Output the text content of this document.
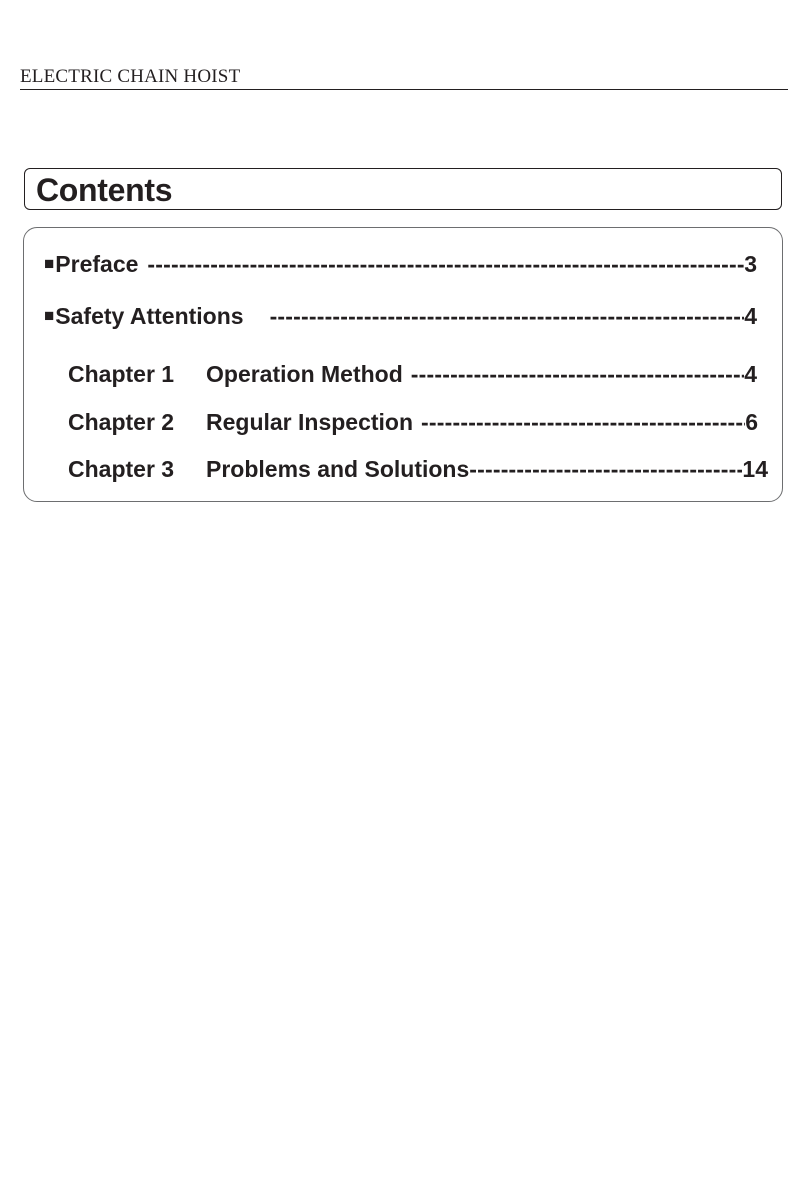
ELECTRIC CHAIN HOIST
Contents
■ Preface -----	3
■ Safety Attentions -----	4
Chapter 1	Operation Method -----	4
Chapter 2	Regular Inspection -----	6
Chapter 3	Problems and Solutions -----	14
